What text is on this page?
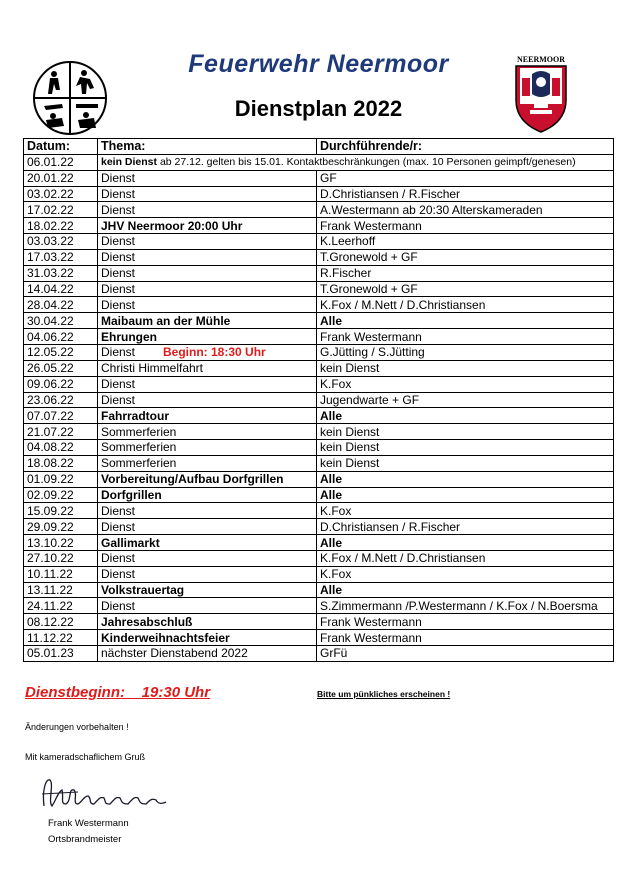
Feuerwehr Neermoor
Dienstplan 2022
NEERMOOR
Datum:	Thema:	Durchführende/r:
06.01.22	kein Dienst ab 27.12. gelten bis 15.01. Kontaktbeschränkungen (max. 10 Personen geimpft/genesen)	
20.01.22	Dienst	GF
03.02.22	Dienst	D.Christiansen / R.Fischer
17.02.22	Dienst	A.Westermann ab 20:30 Alterskameraden
18.02.22	JHV Neermoor 20:00 Uhr	Frank Westermann
03.03.22	Dienst	K.Leerhoff
17.03.22	Dienst	T.Gronewold + GF
31.03.22	Dienst	R.Fischer
14.04.22	Dienst	T.Gronewold + GF
28.04.22	Dienst	K.Fox / M.Nett / D.Christiansen
30.04.22	Maibaum an der Mühle	Alle
04.06.22	Ehrungen	Frank Westermann
12.05.22	Dienst Beginn: 18:30 Uhr	G.Jütting / S.Jütting
26.05.22	Christi Himmelfahrt	kein Dienst
09.06.22	Dienst	K.Fox
23.06.22	Dienst	Jugendwarte + GF
07.07.22	Fahrradtour	Alle
21.07.22	Sommerferien	kein Dienst
04.08.22	Sommerferien	kein Dienst
18.08.22	Sommerferien	kein Dienst
01.09.22	Vorbereitung/Aufbau Dorfgrillen	Alle
02.09.22	Dorfgrillen	Alle
15.09.22	Dienst	K.Fox
29.09.22	Dienst	D.Christiansen / R.Fischer
13.10.22	Gallimarkt	Alle
27.10.22	Dienst	K.Fox / M.Nett / D.Christiansen
10.11.22	Dienst	K.Fox
13.11.22	Volkstrauertag	Alle
24.11.22	Dienst	S.Zimmermann /P.Westermann / K.Fox / N.Boersma
08.12.22	Jahresabschluß	Frank Westermann
11.12.22	Kinderweihnachtsfeier	Frank Westermann
05.01.23	nächster Dienstabend 2022	GrFü
Dienstbeginn:    19:30 Uhr	Bitte um pünkliches erscheinen !
Änderungen vorbehalten !
Mit kameradschaflichem Gruß
Frank Westermann
Ortsbrandmeister
